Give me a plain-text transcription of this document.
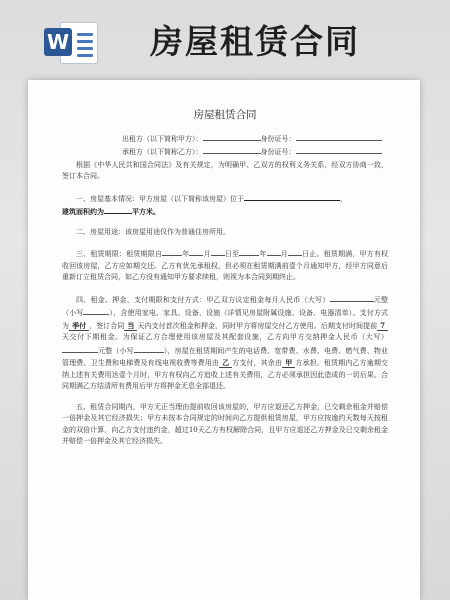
W 房屋租赁合同
房屋租赁合同
出租方（以下简称甲方）：	身份证号：
承租方（以下简称乙方）：	身份证号：

根据《中华人民共和国合同法》及有关规定，为明确甲、乙双方的权利义务关系，经双方协商一致，签订本合同。

一、房屋基本情况：甲方房屋（以下简称该房屋）位于	，

建筑面积约为	平方米。

二、房屋用途：该房屋用途仅作为普通住房所用。

三、租赁期限：租赁期限自	年 月 日至	年 月 日止。租赁期满，甲方有权收回该房屋，乙方应如期交还。乙方有优先承租权，但必须在租赁期满前壹个月通知甲方，经甲方同意后重新订立租赁合同，如乙方没有通知甲方要求续租，则视为本合同到期终止。

四、租金、押金、支付期限和支付方式：甲乙双方议定租金每月人民币（大写）	元整（小写	），含使用家电、家具、设备、设施（详情见房屋附属设施、设备、电器清单）。支付方式为 季付 ，签订合同 当 天内支付首次租金和押金，同时甲方将房屋交付乙方使用。后期支付时间提前 7天交付下期租金。为保证乙方合理使用该房屋及其配套设施，乙方向甲方交纳押金人民币（大写）元整（小写	），房屋在租赁期间产生的电话费、宽带费、水费、电费、燃气费、物业管理费、卫生费和电梯费及有线电视收费等费用由 乙 方支付，其余由 甲 方承担。租赁期内乙方逾期交纳上述有关费用达壹个月时，甲方有权向乙方追收上述有关费用，乙方必须承担因此造成的一切后果。合同期满乙方结清所有费用后甲方将押金无息全部退还。

五、租赁合同期内，甲方无正当理由提前收回该房屋的，甲方应退还乙方押金，已交剩余租金并赔偿一倍押金及其它经济损失；甲方未按本合同规定的时间向乙方提供租赁房屋，甲方应按逾约天数每天按租金的双倍计算，向乙方支付违约金，超过10天乙方有权解除合同，且甲方应退还乙方押金及已交剩余租金并赔偿一倍押金及其它经济损失。
